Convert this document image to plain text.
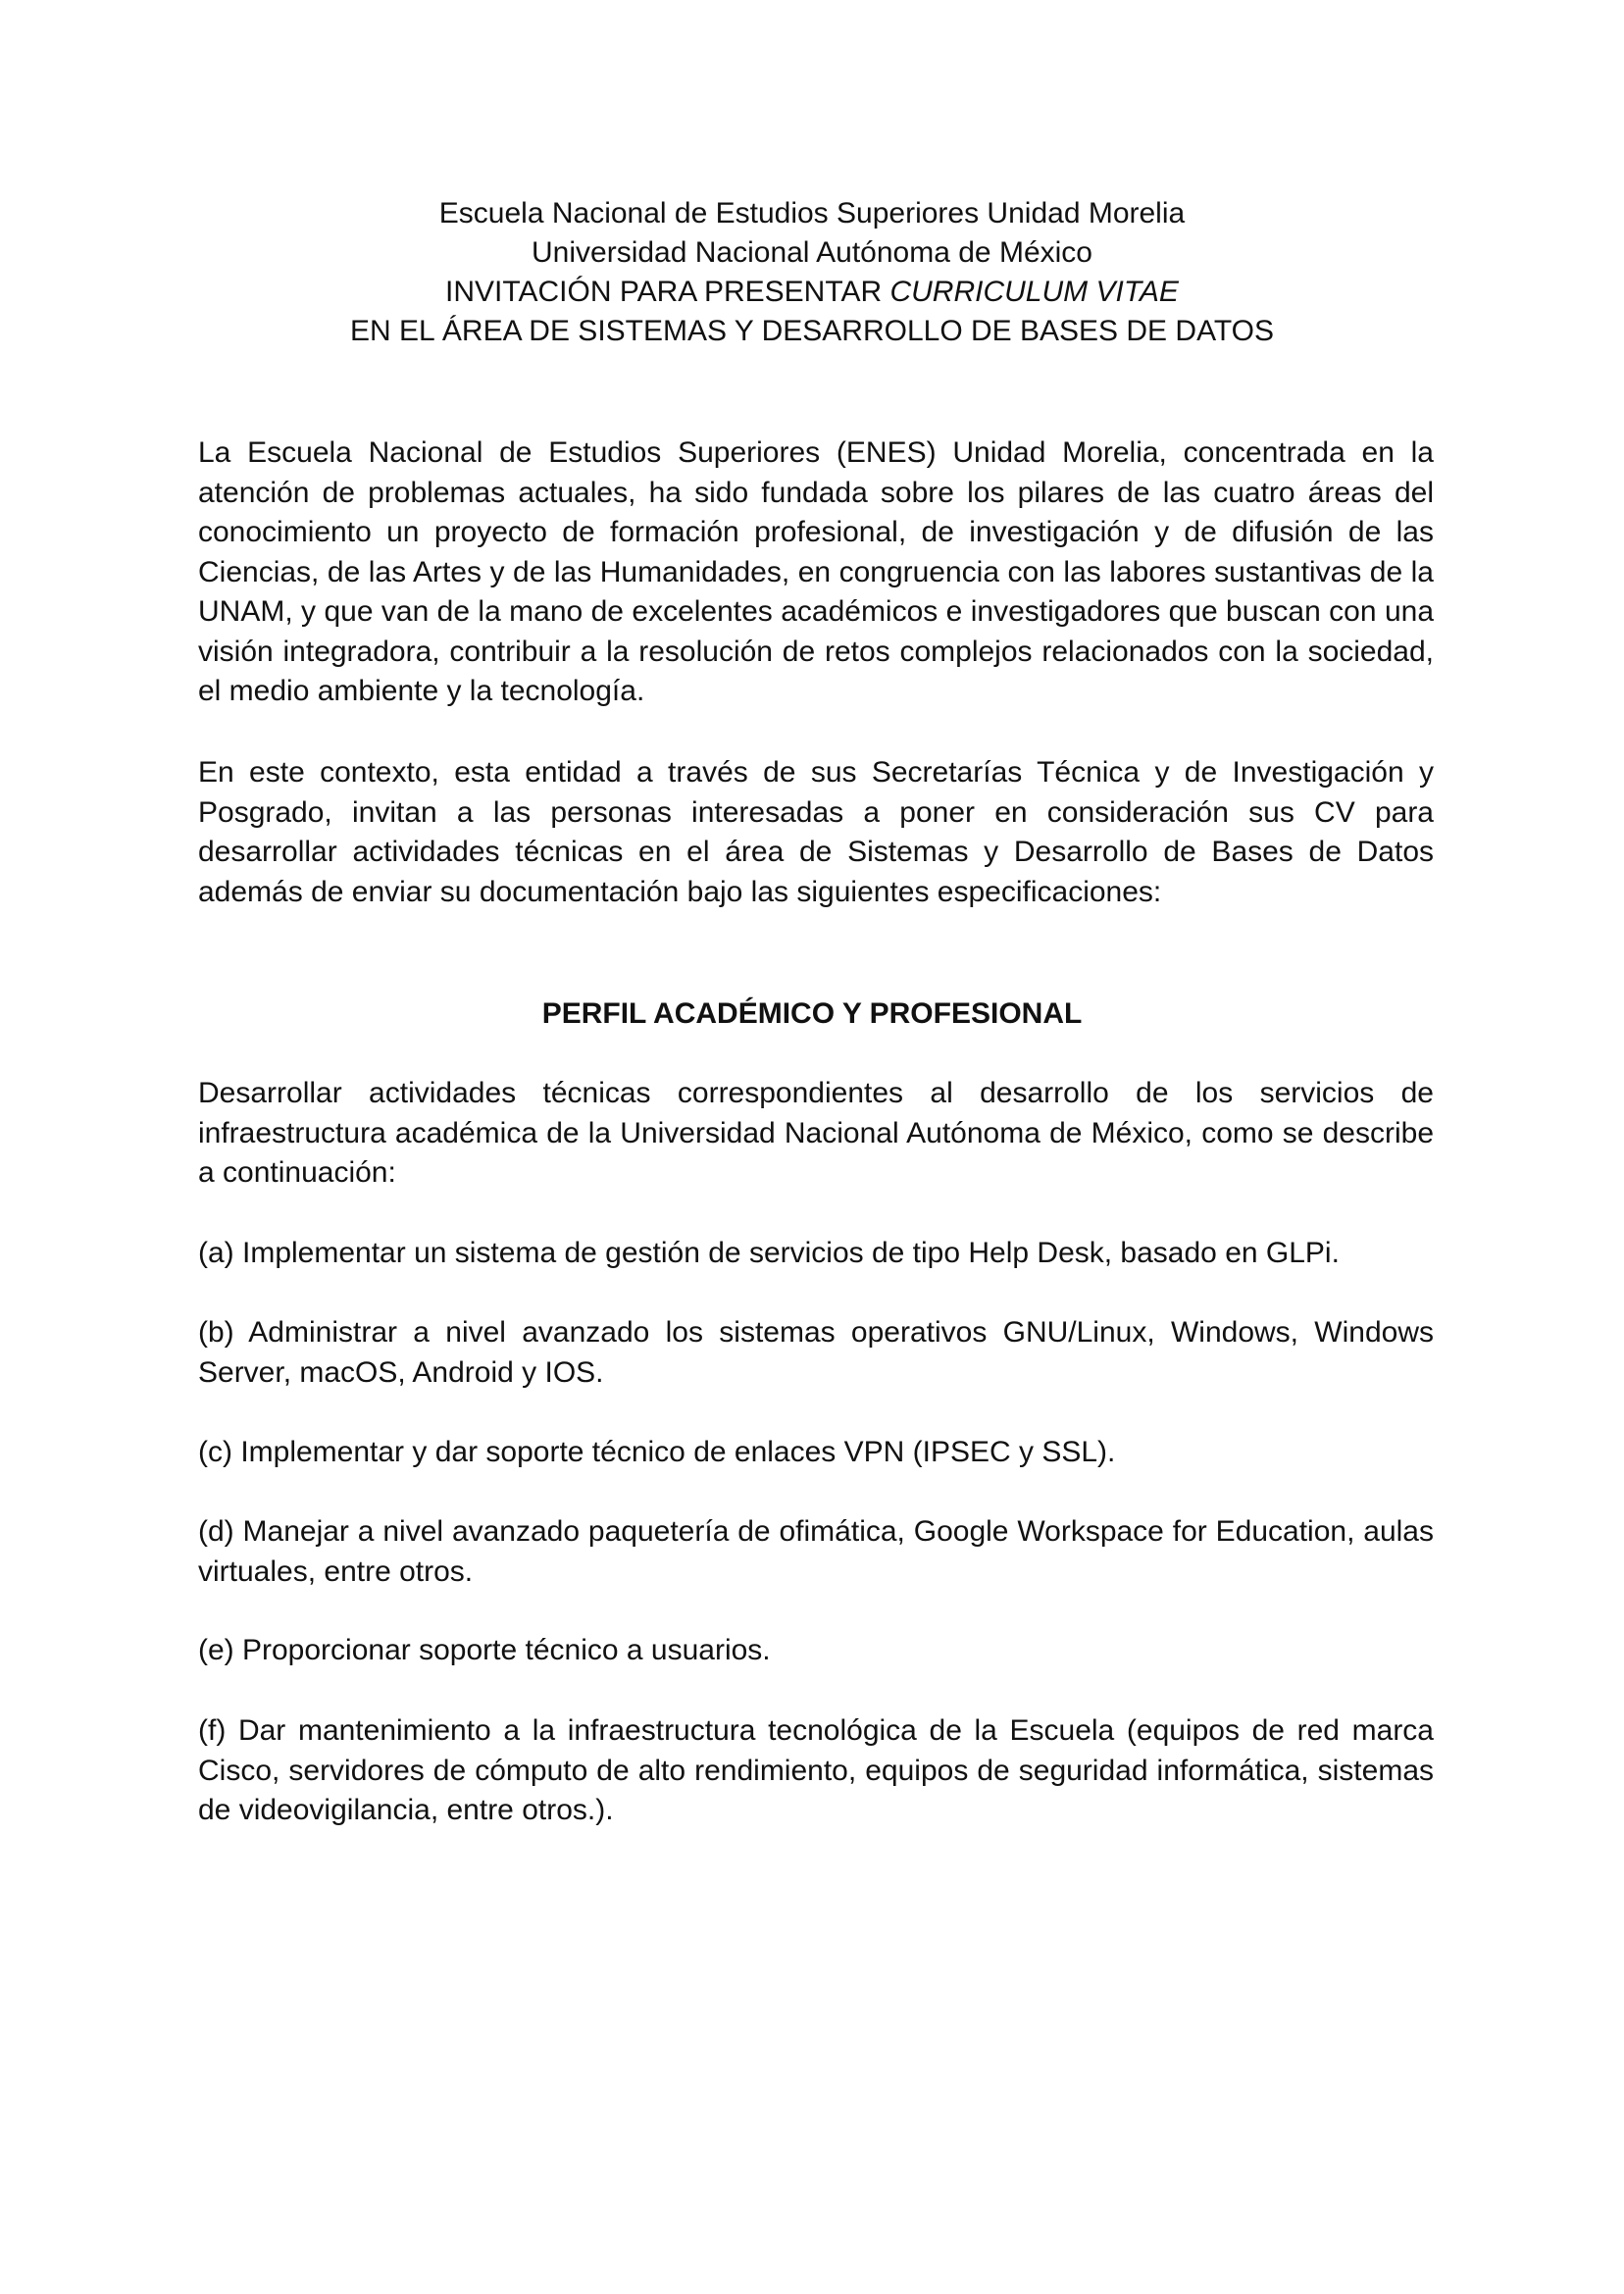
Escuela Nacional de Estudios Superiores Unidad Morelia
Universidad Nacional Autónoma de México
INVITACIÓN PARA PRESENTAR CURRICULUM VITAE
EN EL ÁREA DE SISTEMAS Y DESARROLLO DE BASES DE DATOS
La Escuela Nacional de Estudios Superiores (ENES) Unidad Morelia, concentrada en la atención de problemas actuales, ha sido fundada sobre los pilares de las cuatro áreas del conocimiento un proyecto de formación profesional, de investigación y de difusión de las Ciencias, de las Artes y de las Humanidades, en congruencia con las labores sustantivas de la UNAM, y que van de la mano de excelentes académicos e investigadores que buscan con una visión integradora, contribuir a la resolución de retos complejos relacionados con la sociedad, el medio ambiente y la tecnología.
En este contexto, esta entidad a través de sus Secretarías Técnica y de Investigación y Posgrado, invitan a las personas interesadas a poner en consideración sus CV para desarrollar actividades técnicas en el área de Sistemas y Desarrollo de Bases de Datos además de enviar su documentación bajo las siguientes especificaciones:
PERFIL ACADÉMICO Y PROFESIONAL
Desarrollar actividades técnicas correspondientes al desarrollo de los servicios de infraestructura académica de la Universidad Nacional Autónoma de México, como se describe a continuación:
(a) Implementar un sistema de gestión de servicios de tipo Help Desk, basado en GLPi.
(b) Administrar a nivel avanzado los sistemas operativos GNU/Linux, Windows, Windows Server, macOS, Android y IOS.
(c) Implementar y dar soporte técnico de enlaces VPN (IPSEC y SSL).
(d) Manejar a nivel avanzado paquetería de ofimática, Google Workspace for Education, aulas virtuales, entre otros.
(e) Proporcionar soporte técnico a usuarios.
(f) Dar mantenimiento a la infraestructura tecnológica de la Escuela (equipos de red marca Cisco, servidores de cómputo de alto rendimiento, equipos de seguridad informática, sistemas de videovigilancia, entre otros.).
